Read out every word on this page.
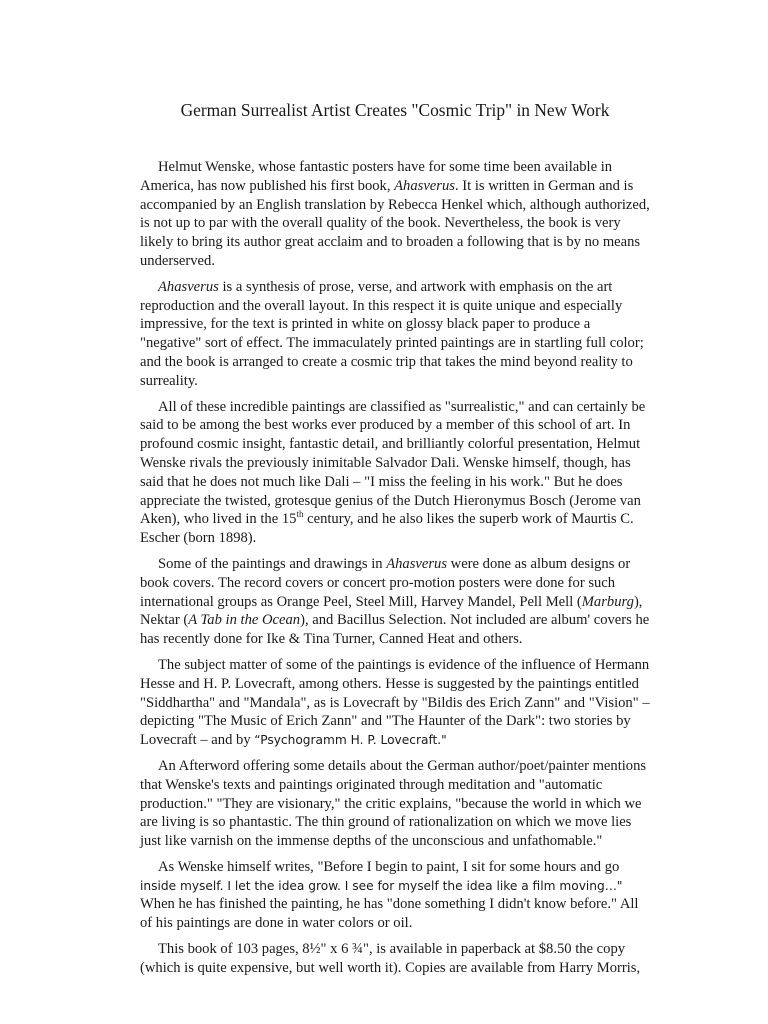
German Surrealist Artist Creates "Cosmic Trip" in New Work

Helmut Wenske, whose fantastic posters have for some time been available in America, has now published his first book, Ahasverus. It is written in German and is accompanied by an English translation by Rebecca Henkel which, although authorized, is not up to par with the overall quality of the book. Nevertheless, the book is very likely to bring its author great acclaim and to broaden a following that is by no means underserved.

Ahasverus is a synthesis of prose, verse, and artwork with emphasis on the art reproduction and the overall layout. In this respect it is quite unique and especially impressive, for the text is printed in white on glossy black paper to produce a "negative" sort of effect. The immaculately printed paintings are in startling full color; and the book is arranged to create a cosmic trip that takes the mind beyond reality to surreality.

All of these incredible paintings are classified as "surrealistic," and can certainly be said to be among the best works ever produced by a member of this school of art. In profound cosmic insight, fantastic detail, and brilliantly colorful presentation, Helmut Wenske rivals the previously inimitable Salvador Dali. Wenske himself, though, has said that he does not much like Dali – "I miss the feeling in his work." But he does appreciate the twisted, grotesque genius of the Dutch Hieronymus Bosch (Jerome van Aken), who lived in the 15th century, and he also likes the superb work of Maurtis C. Escher (born 1898).

Some of the paintings and drawings in Ahasverus were done as album designs or book covers. The record covers or concert pro-motion posters were done for such international groups as Orange Peel, Steel Mill, Harvey Mandel, Pell Mell (Marburg), Nektar (A Tab in the Ocean), and Bacillus Selection. Not included are album' covers he has recently done for Ike & Tina Turner, Canned Heat and others.

The subject matter of some of the paintings is evidence of the influence of Hermann Hesse and H. P. Lovecraft, among others. Hesse is suggested by the paintings entitled "Siddhartha" and "Mandala", as is Lovecraft by "Bildis des Erich Zann" and "Vision" – depicting "The Music of Erich Zann" and "The Haunter of the Dark": two stories by Lovecraft – and by “Psychogramm H. P. Lovecraft."

An Afterword offering some details about the German author/poet/painter mentions that Wenske's texts and paintings originated through meditation and "automatic production." "They are visionary," the critic explains, "because the world in which we are living is so phantastic. The thin ground of rationalization on which we move lies just like varnish on the immense depths of the unconscious and unfathomable."

As Wenske himself writes, "Before I begin to paint, I sit for some hours and go inside myself. I let the idea grow. I see for myself the idea like a film moving…" When he has finished the painting, he has "done something I didn't know before." All of his paintings are done in water colors or oil.

This book of 103 pages, 8½" x 6 ¾", is available in paperback at $8.50 the copy (which is quite expensive, but well worth it). Copies are available from Harry Morris,
